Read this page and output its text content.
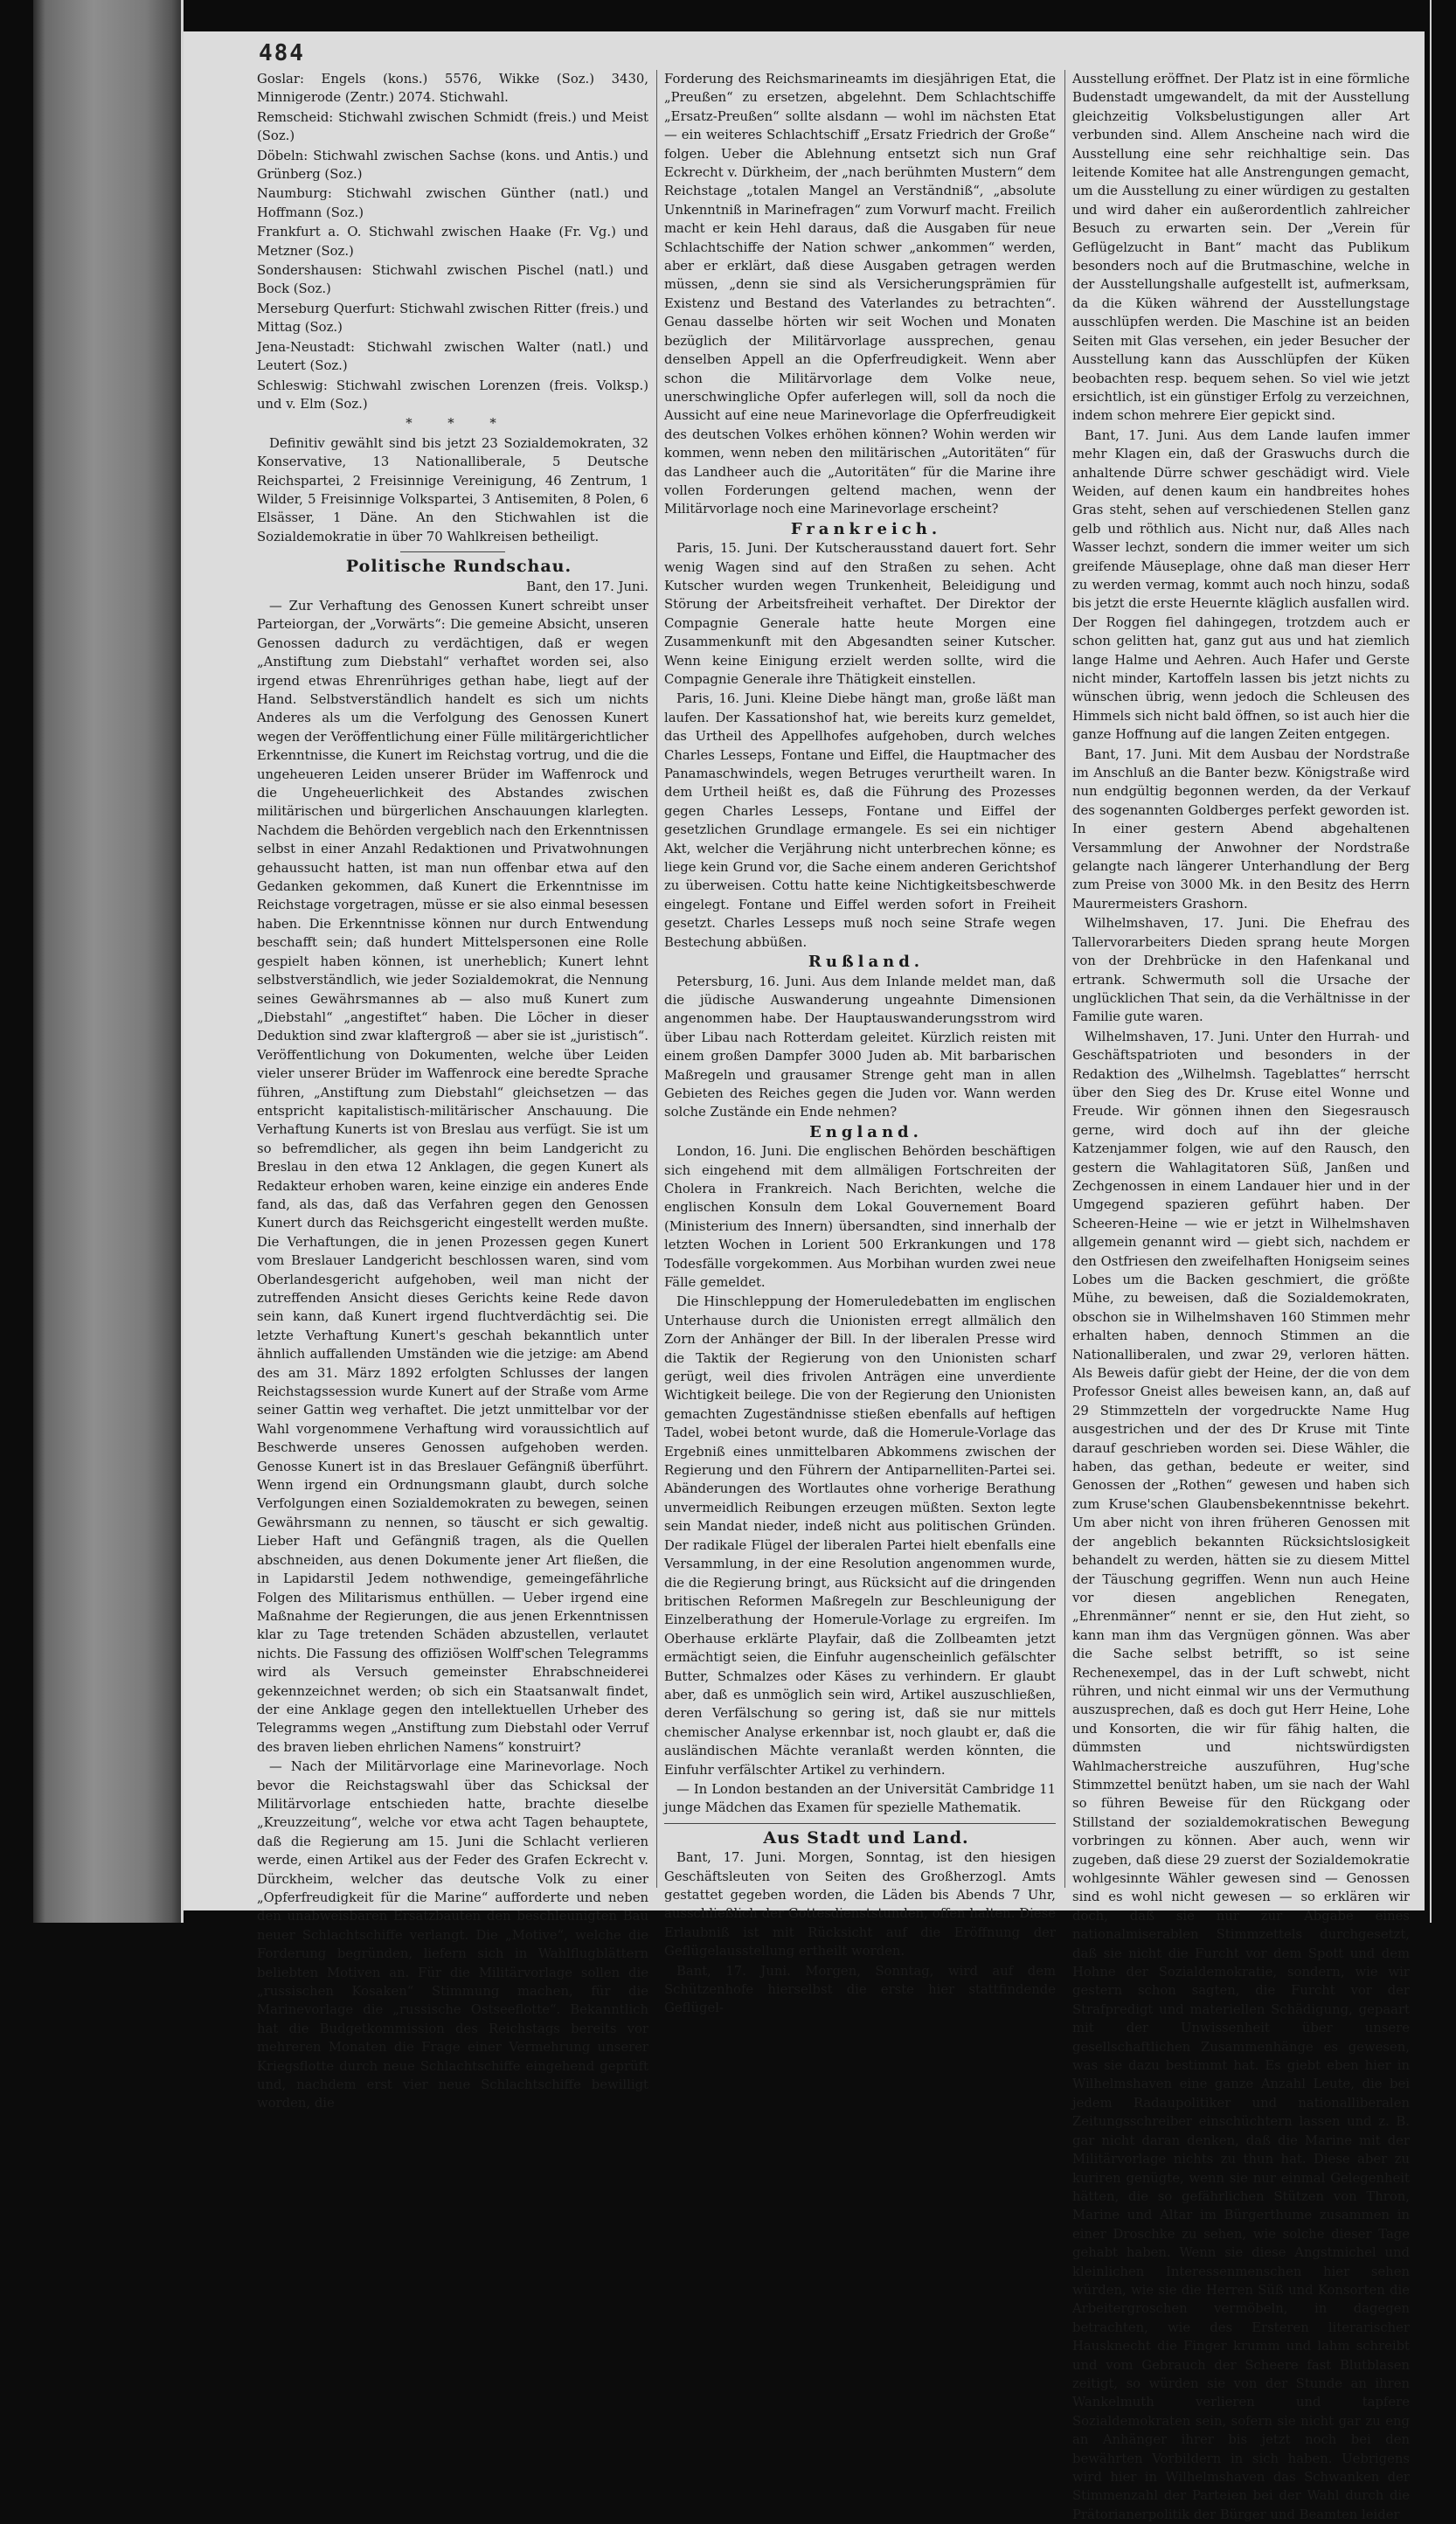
484

Goslar: Engels (kons.) 5576, Wikke (Soz.) 3430, Minnigerode (Zentr.) 2074. Stichwahl.

Remscheid: Stichwahl zwischen Schmidt (freis.) und Meist (Soz.)

Döbeln: Stichwahl zwischen Sachse (kons. und Antis.) und Grünberg (Soz.)

Naumburg: Stichwahl zwischen Günther (natl.) und Hoffmann (Soz.)

Frankfurt a. O. Stichwahl zwischen Haake (Fr. Vg.) und Metzner (Soz.)

Sondershausen: Stichwahl zwischen Pischel (natl.) und Bock (Soz.)

Merseburg Querfurt: Stichwahl zwischen Ritter (freis.) und Mittag (Soz.)

Jena-Neustadt: Stichwahl zwischen Walter (natl.) und Leutert (Soz.)

Schleswig: Stichwahl zwischen Lorenzen (freis. Volksp.) und v. Elm (Soz.)

* * *

Definitiv gewählt sind bis jetzt 23 Sozialdemokraten, 32 Konservative, 13 Nationalliberale, 5 Deutsche Reichspartei, 2 Freisinnige Vereinigung, 46 Zentrum, 1 Wilder, 5 Freisinnige Volkspartei, 3 Antisemiten, 8 Polen, 6 Elsässer, 1 Däne. An den Stichwahlen ist die Sozialdemokratie in über 70 Wahlkreisen betheiligt.

Politische Rundschau.

Bant, den 17. Juni.

— Zur Verhaftung des Genossen Kunert schreibt unser Parteiorgan, der „Vorwärts“: Die gemeine Absicht, unseren Genossen dadurch zu verdächtigen, daß er wegen „Anstiftung zum Diebstahl“ verhaftet worden sei, also irgend etwas Ehrenrühriges gethan habe, liegt auf der Hand. Selbstverständlich handelt es sich um nichts Anderes als um die Verfolgung des Genossen Kunert wegen der Veröffentlichung einer Fülle militärgerichtlicher Erkenntnisse, die Kunert im Reichstag vortrug, und die die ungeheueren Leiden unserer Brüder im Waffenrock und die Ungeheuerlichkeit des Abstandes zwischen militärischen und bürgerlichen Anschauungen klarlegten. Nachdem die Behörden vergeblich nach den Erkenntnissen selbst in einer Anzahl Redaktionen und Privatwohnungen gehaussucht hatten, ist man nun offenbar etwa auf den Gedanken gekommen, daß Kunert die Erkenntnisse im Reichstage vorgetragen, müsse er sie also einmal besessen haben. Die Erkenntnisse können nur durch Entwendung beschafft sein; daß hundert Mittelspersonen eine Rolle gespielt haben können, ist unerheblich; Kunert lehnt selbstverständlich, wie jeder Sozialdemokrat, die Nennung seines Gewährsmannes ab — also muß Kunert zum „Diebstahl“ „angestiftet“ haben. Die Löcher in dieser Deduktion sind zwar klaftergroß — aber sie ist „juristisch“. Veröffentlichung von Dokumenten, welche über Leiden vieler unserer Brüder im Waffenrock eine beredte Sprache führen, „Anstiftung zum Diebstahl“ gleichsetzen — das entspricht kapitalistisch-militärischer Anschauung. Die Verhaftung Kunerts ist von Breslau aus verfügt. Sie ist um so befremdlicher, als gegen ihn beim Landgericht zu Breslau in den etwa 12 Anklagen, die gegen Kunert als Redakteur erhoben waren, keine einzige ein anderes Ende fand, als das, daß das Verfahren gegen den Genossen Kunert durch das Reichsgericht eingestellt werden mußte. Die Verhaftungen, die in jenen Prozessen gegen Kunert vom Breslauer Landgericht beschlossen waren, sind vom Oberlandesgericht aufgehoben, weil man nicht der zutreffenden Ansicht dieses Gerichts keine Rede davon sein kann, daß Kunert irgend fluchtverdächtig sei. Die letzte Verhaftung Kunert's geschah bekanntlich unter ähnlich auffallenden Umständen wie die jetzige: am Abend des am 31. März 1892 erfolgten Schlusses der langen Reichstagssession wurde Kunert auf der Straße vom Arme seiner Gattin weg verhaftet. Die jetzt unmittelbar vor der Wahl vorgenommene Verhaftung wird voraussichtlich auf Beschwerde unseres Genossen aufgehoben werden. Genosse Kunert ist in das Breslauer Gefängniß überführt. Wenn irgend ein Ordnungsmann glaubt, durch solche Verfolgungen einen Sozialdemokraten zu bewegen, seinen Gewährsmann zu nennen, so täuscht er sich gewaltig. Lieber Haft und Gefängniß tragen, als die Quellen abschneiden, aus denen Dokumente jener Art fließen, die in Lapidarstil Jedem nothwendige, gemeingefährliche Folgen des Militarismus enthüllen. — Ueber irgend eine Maßnahme der Regierungen, die aus jenen Erkenntnissen klar zu Tage tretenden Schäden abzustellen, verlautet nichts. Die Fassung des offiziösen Wolff'schen Telegramms wird als Versuch gemeinster Ehrabschneiderei gekennzeichnet werden; ob sich ein Staatsanwalt findet, der eine Anklage gegen den intellektuellen Urheber des Telegramms wegen „Anstiftung zum Diebstahl oder Verruf des braven lieben ehrlichen Namens“ konstruirt?

— Nach der Militärvorlage eine Marinevorlage. Noch bevor die Reichstagswahl über das Schicksal der Militärvorlage entschieden hatte, brachte dieselbe „Kreuzzeitung“, welche vor etwa acht Tagen behauptete, daß die Regierung am 15. Juni die Schlacht verlieren werde, einen Artikel aus der Feder des Grafen Eckrecht v. Dürckheim, welcher das deutsche Volk zu einer „Opferfreudigkeit für die Marine“ aufforderte und neben den unabweisbaren Ersatzbauten den beschleunigten Bau neuer Schlachtschiffe verlangt. Die „Motive“, welche die Forderung begründen, liefern sich in Wahlflugblättern beliebten Motiven an. Für die Militärvorlage sollen die „russischen Kosaken“ Stimmung machen, für die Marinevorlage die „russische Ostseeflotte“. Bekanntlich hat die Budgetkommission des Reichstags bereits vor mehreren Monaten die Frage einer Vermehrung unserer Kriegsflotte durch neue Schlachtschiffe eingehend geprüft und, nachdem erst vier neue Schlachtschiffe bewilligt worden, die

Forderung des Reichsmarineamts im diesjährigen Etat, die „Preußen“ zu ersetzen, abgelehnt. Dem Schlachtschiffe „Ersatz-Preußen“ sollte alsdann — wohl im nächsten Etat — ein weiteres Schlachtschiff „Ersatz Friedrich der Große“ folgen. Ueber die Ablehnung entsetzt sich nun Graf Eckrecht v. Dürkheim, der „nach berühmten Mustern“ dem Reichstage „totalen Mangel an Verständniß“, „absolute Unkenntniß in Marinefragen“ zum Vorwurf macht. Freilich macht er kein Hehl daraus, daß die Ausgaben für neue Schlachtschiffe der Nation schwer „ankommen“ werden, aber er erklärt, daß diese Ausgaben getragen werden müssen, „denn sie sind als Versicherungsprämien für Existenz und Bestand des Vaterlandes zu betrachten“. Genau dasselbe hörten wir seit Wochen und Monaten bezüglich der Militärvorlage aussprechen, genau denselben Appell an die Opferfreudigkeit. Wenn aber schon die Militärvorlage dem Volke neue, unerschwingliche Opfer auferlegen will, soll da noch die Aussicht auf eine neue Marinevorlage die Opferfreudigkeit des deutschen Volkes erhöhen können? Wohin werden wir kommen, wenn neben den militärischen „Autoritäten“ für das Landheer auch die „Autoritäten“ für die Marine ihre vollen Forderungen geltend machen, wenn der Militärvorlage noch eine Marinevorlage erscheint?

Frankreich.

Paris, 15. Juni. Der Kutscherausstand dauert fort. Sehr wenig Wagen sind auf den Straßen zu sehen. Acht Kutscher wurden wegen Trunkenheit, Beleidigung und Störung der Arbeitsfreiheit verhaftet. Der Direktor der Compagnie Generale hatte heute Morgen eine Zusammenkunft mit den Abgesandten seiner Kutscher. Wenn keine Einigung erzielt werden sollte, wird die Compagnie Generale ihre Thätigkeit einstellen.

Paris, 16. Juni. Kleine Diebe hängt man, große läßt man laufen. Der Kassationshof hat, wie bereits kurz gemeldet, das Urtheil des Appellhofes aufgehoben, durch welches Charles Lesseps, Fontane und Eiffel, die Hauptmacher des Panamaschwindels, wegen Betruges verurtheilt waren. In dem Urtheil heißt es, daß die Führung des Prozesses gegen Charles Lesseps, Fontane und Eiffel der gesetzlichen Grundlage ermangele. Es sei ein nichtiger Akt, welcher die Verjährung nicht unterbrechen könne; es liege kein Grund vor, die Sache einem anderen Gerichtshof zu überweisen. Cottu hatte keine Nichtigkeitsbeschwerde eingelegt. Fontane und Eiffel werden sofort in Freiheit gesetzt. Charles Lesseps muß noch seine Strafe wegen Bestechung abbüßen.

Rußland.

Petersburg, 16. Juni. Aus dem Inlande meldet man, daß die jüdische Auswanderung ungeahnte Dimensionen angenommen habe. Der Hauptauswanderungsstrom wird über Libau nach Rotterdam geleitet. Kürzlich reisten mit einem großen Dampfer 3000 Juden ab. Mit barbarischen Maßregeln und grausamer Strenge geht man in allen Gebieten des Reiches gegen die Juden vor. Wann werden solche Zustände ein Ende nehmen?

England.

London, 16. Juni. Die englischen Behörden beschäftigen sich eingehend mit dem allmäligen Fortschreiten der Cholera in Frankreich. Nach Berichten, welche die englischen Konsuln dem Lokal Gouvernement Board (Ministerium des Innern) übersandten, sind innerhalb der letzten Wochen in Lorient 500 Erkrankungen und 178 Todesfälle vorgekommen. Aus Morbihan wurden zwei neue Fälle gemeldet.

Die Hinschleppung der Homeruledebatten im englischen Unterhause durch die Unionisten erregt allmälich den Zorn der Anhänger der Bill. In der liberalen Presse wird die Taktik der Regierung von den Unionisten scharf gerügt, weil dies frivolen Anträgen eine unverdiente Wichtigkeit beilege. Die von der Regierung den Unionisten gemachten Zugeständnisse stießen ebenfalls auf heftigen Tadel, wobei betont wurde, daß die Homerule-Vorlage das Ergebniß eines unmittelbaren Abkommens zwischen der Regierung und den Führern der Antiparnelliten-Partei sei. Abänderungen des Wortlautes ohne vorherige Berathung unvermeidlich Reibungen erzeugen müßten. Sexton legte sein Mandat nieder, indeß nicht aus politischen Gründen. Der radikale Flügel der liberalen Partei hielt ebenfalls eine Versammlung, in der eine Resolution angenommen wurde, die die Regierung bringt, aus Rücksicht auf die dringenden britischen Reformen Maßregeln zur Beschleunigung der Einzelberathung der Homerule-Vorlage zu ergreifen. Im Oberhause erklärte Playfair, daß die Zollbeamten jetzt ermächtigt seien, die Einfuhr augenscheinlich gefälschter Butter, Schmalzes oder Käses zu verhindern. Er glaubt aber, daß es unmöglich sein wird, Artikel auszuschließen, deren Verfälschung so gering ist, daß sie nur mittels chemischer Analyse erkennbar ist, noch glaubt er, daß die ausländischen Mächte veranlaßt werden könnten, die Einfuhr verfälschter Artikel zu verhindern.

— In London bestanden an der Universität Cambridge 11 junge Mädchen das Examen für spezielle Mathematik.

Aus Stadt und Land.

Bant, 17. Juni. Morgen, Sonntag, ist den hiesigen Geschäftsleuten von Seiten des Großherzogl. Amts gestattet gegeben worden, die Läden bis Abends 7 Uhr, ausschließlich der Gottesdienststunden, offen halten. Diese Erlaubniß ist mit Rücksicht auf die Eröffnung der Geflügelausstellung ertheilt worden.

Bant, 17. Juni. Morgen, Sonntag, wird auf dem Schützenhofe hierselbst die erste hier stattfindende Geflügel-

Ausstellung eröffnet. Der Platz ist in eine förmliche Budenstadt umgewandelt, da mit der Ausstellung gleichzeitig Volksbelustigungen aller Art verbunden sind. Allem Anscheine nach wird die Ausstellung eine sehr reichhaltige sein. Das leitende Komitee hat alle Anstrengungen gemacht, um die Ausstellung zu einer würdigen zu gestalten und wird daher ein außerordentlich zahlreicher Besuch zu erwarten sein. Der „Verein für Geflügelzucht in Bant“ macht das Publikum besonders noch auf die Brutmaschine, welche in der Ausstellungshalle aufgestellt ist, aufmerksam, da die Küken während der Ausstellungstage ausschlüpfen werden. Die Maschine ist an beiden Seiten mit Glas versehen, ein jeder Besucher der Ausstellung kann das Ausschlüpfen der Küken beobachten resp. bequem sehen. So viel wie jetzt ersichtlich, ist ein günstiger Erfolg zu verzeichnen, indem schon mehrere Eier gepickt sind.

Bant, 17. Juni. Aus dem Lande laufen immer mehr Klagen ein, daß der Graswuchs durch die anhaltende Dürre schwer geschädigt wird. Viele Weiden, auf denen kaum ein handbreites hohes Gras steht, sehen auf verschiedenen Stellen ganz gelb und röthlich aus. Nicht nur, daß Alles nach Wasser lechzt, sondern die immer weiter um sich greifende Mäuseplage, ohne daß man dieser Herr zu werden vermag, kommt auch noch hinzu, sodaß bis jetzt die erste Heuernte kläglich ausfallen wird. Der Roggen fiel dahingegen, trotzdem auch er schon gelitten hat, ganz gut aus und hat ziemlich lange Halme und Aehren. Auch Hafer und Gerste nicht minder, Kartoffeln lassen bis jetzt nichts zu wünschen übrig, wenn jedoch die Schleusen des Himmels sich nicht bald öffnen, so ist auch hier die ganze Hoffnung auf die langen Zeiten entgegen.

Bant, 17. Juni. Mit dem Ausbau der Nordstraße im Anschluß an die Banter bezw. Königstraße wird nun endgültig begonnen werden, da der Verkauf des sogenannten Goldberges perfekt geworden ist. In einer gestern Abend abgehaltenen Versammlung der Anwohner der Nordstraße gelangte nach längerer Unterhandlung der Berg zum Preise von 3000 Mk. in den Besitz des Herrn Maurermeisters Grashorn.

Wilhelmshaven, 17. Juni. Die Ehefrau des Tallervorarbeiters Dieden sprang heute Morgen von der Drehbrücke in den Hafenkanal und ertrank. Schwermuth soll die Ursache der unglücklichen That sein, da die Verhältnisse in der Familie gute waren.

Wilhelmshaven, 17. Juni. Unter den Hurrah- und Geschäftspatrioten und besonders in der Redaktion des „Wilhelmsh. Tageblattes“ herrscht über den Sieg des Dr. Kruse eitel Wonne und Freude. Wir gönnen ihnen den Siegesrausch gerne, wird doch auf ihn der gleiche Katzenjammer folgen, wie auf den Rausch, den gestern die Wahlagitatoren Süß, Janßen und Zechgenossen in einem Landauer hier und in der Umgegend spazieren geführt haben. Der Scheeren-Heine — wie er jetzt in Wilhelmshaven allgemein genannt wird — giebt sich, nachdem er den Ostfriesen den zweifelhaften Honigseim seines Lobes um die Backen geschmiert, die größte Mühe, zu beweisen, daß die Sozialdemokraten, obschon sie in Wilhelmshaven 160 Stimmen mehr erhalten haben, dennoch Stimmen an die Nationalliberalen, und zwar 29, verloren hätten. Als Beweis dafür giebt der Heine, der die von dem Professor Gneist alles beweisen kann, an, daß auf 29 Stimmzetteln der vorgedruckte Name Hug ausgestrichen und der des Dr Kruse mit Tinte darauf geschrieben worden sei. Diese Wähler, die haben, das gethan, bedeute er weiter, sind Genossen der „Rothen“ gewesen und haben sich zum Kruse'schen Glaubensbekenntnisse bekehrt. Um aber nicht von ihren früheren Genossen mit der angeblich bekannten Rücksichtslosigkeit behandelt zu werden, hätten sie zu diesem Mittel der Täuschung gegriffen. Wenn nun auch Heine vor diesen angeblichen Renegaten, „Ehrenmänner“ nennt er sie, den Hut zieht, so kann man ihm das Vergnügen gönnen. Was aber die Sache selbst betrifft, so ist seine Rechenexempel, das in der Luft schwebt, nicht rühren, und nicht einmal wir uns der Vermuthung auszusprechen, daß es doch gut Herr Heine, Lohe und Konsorten, die wir für fähig halten, die dümmsten und nichtswürdigsten Wahlmacherstreiche auszuführen, Hug'sche Stimmzettel benützt haben, um sie nach der Wahl so führen Beweise für den Rückgang oder Stillstand der sozialdemokratischen Bewegung vorbringen zu können. Aber auch, wenn wir zugeben, daß diese 29 zuerst der Sozialdemokratie wohlgesinnte Wähler gewesen sind — Genossen sind es wohl nicht gewesen — so erklären wir doch, daß sie nur zur Abgabe eines nationalmiserablen Stimmzettels durchgesetzt, daß sie nicht die Furcht vor dem Spott und dem Hohne der Sozialdemokratie, sondern, wie wir gestern schon sagten, die Furcht vor der Strafpredigt und materiellen Schädigung, gepaart mit der Unwissenheit über unsere gesellschaftlichen Zusammenhänge es gewesen, was sie dazu bestimmt hat. Es giebt eben hier in Wilhelmshaven eine ganze Anzahl Leute, die bei jedem Radaupolitiker und nationalliberalen Zeitungsschreiber einschüchtern lassen und z. B. gar nicht daran denken, daß die Marine mit der Militärvorlage nichts zu thun hat. Diese aber zu kuriren genügte, wenn sie nur einmal Gelegenheit hätten, die so gefährlichen Stützen von Thron, Marine und Altar im Bürgerthume zusammen in einer Droschke zu sehen, wie solche dieser Tage gehabt haben. Wenn sie diese Angstmichel und kleinlichen Interessenmenschen hier sehen würden, wie sie die Herren Süß und Konsorten die Arbeitergroschen vermöbeln, in dagegen betrachten, wie des Ersteren literarischer Hausknecht die Finger krumm und lahm schreibt und vom Gebrauch der Scheere fast Blutblasen zeitigt, so würden sie von der Stunde an ihren Wankelmuth verlieren und tapfere Sozialdemokraten sein, sofern sie nicht gar zu eng an Anhänger ihrer bis jetzt noch bei den bewährten Vorbildern in sich haben. Uebrigens wird hier in Wilhelmshaven das Schwanken der Stimmenzahl der Parteien bei der Wahl durch die Prätorianerpolitik der Bürger und Beamten leider
